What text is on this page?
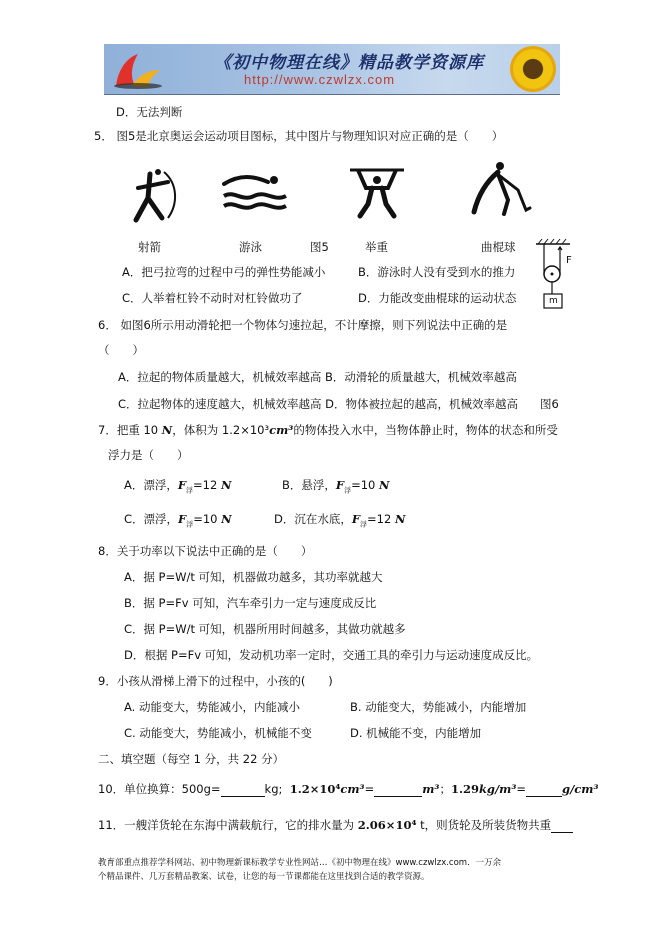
《初中物理在线》精品教学资源库
http://www.czwlzx.com
D．无法判断
5． 图5是北京奥运会运动项目图标，其中图片与物理知识对应正确的是（　　）
射箭	游泳	图5	举重	曲棍球
F
m
A．把弓拉弯的过程中弓的弹性势能减小	B．游泳时人没有受到水的推力
C．人举着杠铃不动时对杠铃做功了	D．力能改变曲棍球的运动状态
6． 如图6所示用动滑轮把一个物体匀速拉起，不计摩擦，则下列说法中正确的是
（　　）
A．拉起的物体质量越大，机械效率越高 B．动滑轮的质量越大，机械效率越高
C．拉起物体的速度越大，机械效率越高 D．物体被拉起的越高，机械效率越高 图6
7．把重 10 N，体积为 1.2×10³cm³的物体投入水中，当物体静止时，物体的状态和所受
浮力是（　　）
A．漂浮，$F_浮=12$ N	B．悬浮，$F_浮=10$ N
C．漂浮，$F_浮=10$ N	D．沉在水底，$F_浮=12$ N
8．关于功率以下说法中正确的是（　　）
A．据 P=W/t 可知，机器做功越多，其功率就越大
B．据 P=Fv 可知，汽车牵引力一定与速度成反比
C．据 P=W/t 可知，机器所用时间越多，其做功就越多
D．根据 P=Fv 可知，发动机功率一定时，交通工具的牵引力与运动速度成反比。
9．小孩从滑梯上滑下的过程中，小孩的(　　)
A. 动能变大，势能减小，内能减小	B. 动能变大，势能减小，内能增加
C. 动能变大，势能减小，机械能不变	D. 机械能不变，内能增加
二、填空题（每空 1 分，共 22 分）
10．单位换算：500g=	kg; 1.2×10⁴cm³=	m³；1.29kg/m³=	g/cm³
11．一艘洋货轮在东海中满载航行，它的排水量为 2.06×10⁴ t，则货轮及所装货物共重
教育部重点推荐学科网站、初中物理新课标教学专业性网站…《初中物理在线》www.czwlzx.com．一万余
个精品课件、几万套精品教案、试卷，让您的每一节课都能在这里找到合适的教学资源。
